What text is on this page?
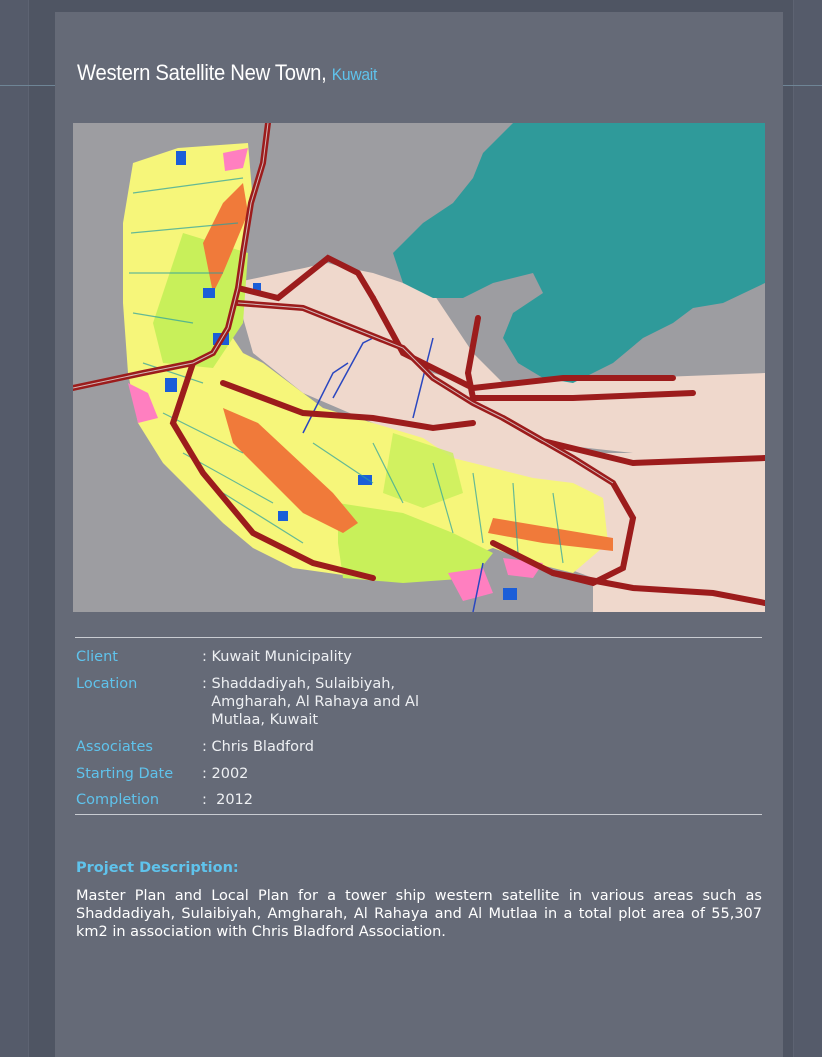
Western Satellite New Town, Kuwait
Client	: Kuwait Municipality
Location	: Shaddadiyah, Sulaibiyah,
Amgharah, Al Rahaya and Al
Mutlaa, Kuwait
Associates	: Chris Bladford
Starting Date : 2002
Completion	:  2012
Project Description:
Master Plan and Local Plan for a tower ship western satellite in various areas such as Shaddadiyah, Sulaibiyah, Amgharah, Al Rahaya and Al Mutlaa in a total plot area of 55,307 km2 in association with Chris Bladford Association.
